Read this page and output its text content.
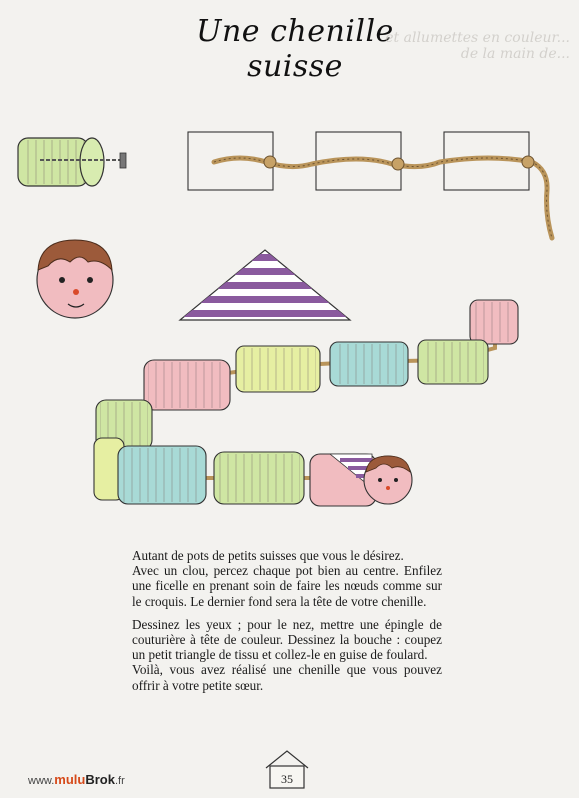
Une chenille suisse
et allumettes en couleur...
de la main de...

Autant de pots de petits suisses que vous le désirez.

Avec un clou, percez chaque pot bien au centre. Enfilez une ficelle en prenant soin de faire les nœuds comme sur le croquis. Le dernier fond sera la tête de votre chenille.

Dessinez les yeux ; pour le nez, mettre une épingle de couturière à tête de couleur. Dessinez la bouche : coupez un petit triangle de tissu et collez-le en guise de foulard.

Voilà, vous avez réalisé une chenille que vous pouvez offrir à votre petite sœur.

35
www.muluBrok.fr
